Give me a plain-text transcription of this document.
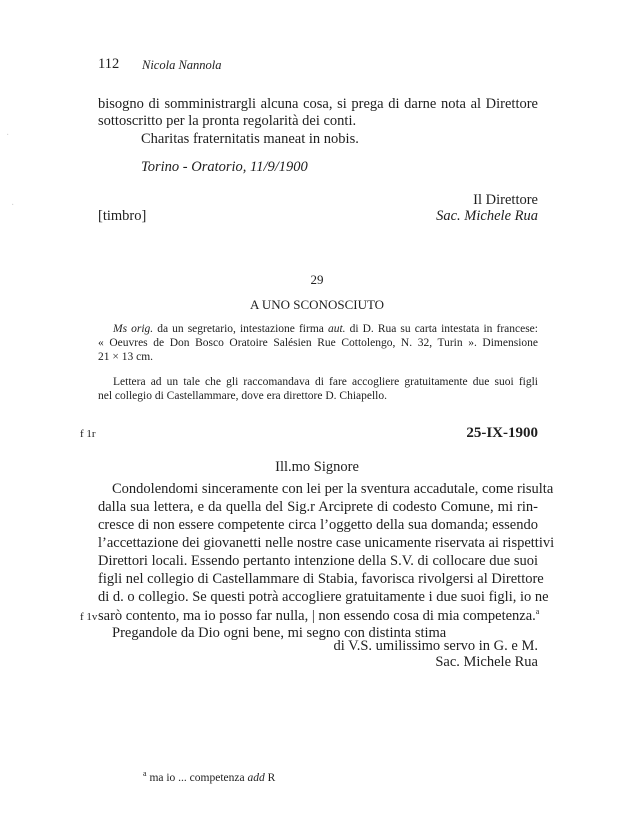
·
·
112 Nicola Nannola
bisogno di somministrargli alcuna cosa, si prega di darne nota al Direttore
sottoscritto per la pronta regolarità dei conti.
Charitas fraternitatis maneat in nobis.
Torino - Oratorio, 11/9/1900
Il Direttore
[timbro]	Sac. Michele Rua
29
A UNO SCONOSCIUTO
Ms orig. da un segretario, intestazione firma aut. di D. Rua su carta intestata in francese:
« Oeuvres de Don Bosco Oratoire Salésien Rue Cottolengo, N. 32, Turin ». Dimensione
21 × 13 cm.
Lettera ad un tale che gli raccomandava di fare accogliere gratuitamente due suoi figli
nel collegio di Castellammare, dove era direttore D. Chiapello.
f 1r	25-IX-1900
Ill.mo Signore
Condolendomi sinceramente con lei per la sventura accadutale, come risulta
dalla sua lettera, e da quella del Sig.r Arciprete di codesto Comune, mi rin-
cresce di non essere competente circa l’oggetto della sua domanda; essendo
l’accettazione dei giovanetti nelle nostre case unicamente riservata ai rispettivi
Direttori locali. Essendo pertanto intenzione della S.V. di collocare due suoi
figli nel collegio di Castellammare di Stabia, favorisca rivolgersi al Direttore
di d. o collegio. Se questi potrà accogliere gratuitamente i due suoi figli, io ne
f 1v sarò contento, ma io posso far nulla, | non essendo cosa di mia competenza.$^a$
Pregandole da Dio ogni bene, mi segno con distinta stima
di V.S. umilissimo servo in G. e M.
Sac. Michele Rua
$^a$ ma io ... competenza add R
